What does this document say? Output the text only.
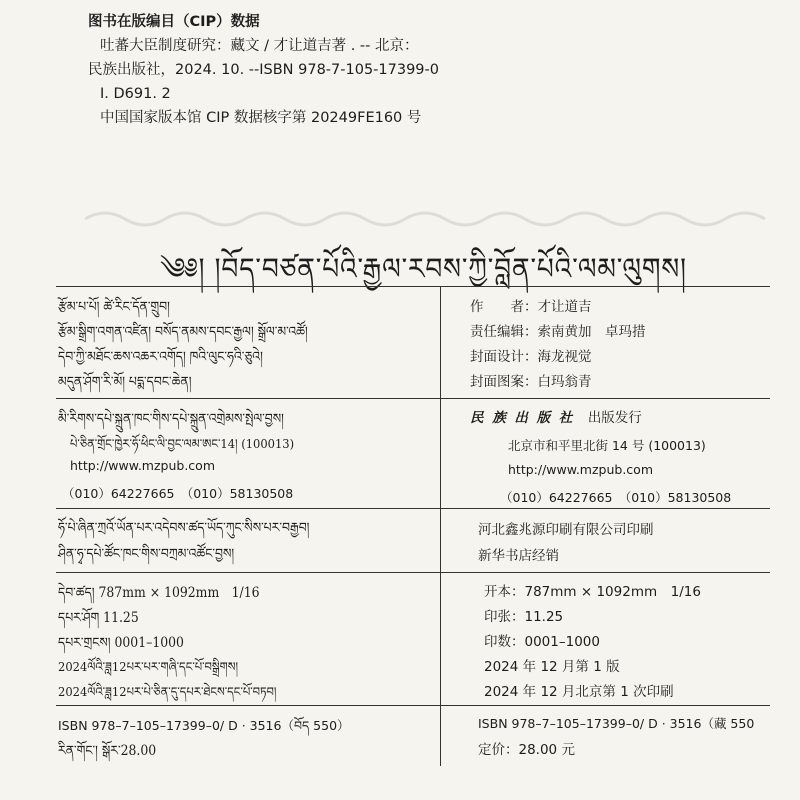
图书在版编目（CIP）数据
吐蕃大臣制度研究：藏文 / 才让道吉著 . -- 北京：
民族出版社，2024. 10. --ISBN 978-7-105-17399-0
Ⅰ. D691. 2
中国国家版本馆 CIP 数据核字第 20249FE160 号
༄༅། །བོད་བཙན་པོའི་རྒྱལ་རབས་ཀྱི་བློན་པོའི་ལམ་ལུགས།
རྩོམ་པ་པོ། ཚེ་རིང་དོན་གྲུབ།
རྩོམ་སྒྲིག་འགན་འཛིན། བསོད་ནམས་དབང་རྒྱལ། སྒྲོལ་མ་འཚོ།
དེབ་ཀྱི་མཐོང་ཆས་འཆར་འགོད། ཁའི་ལུང་ཧའི་ཅུའེ།
མདུན་ཤོག་རི་མོ། པདྨ་དབང་ཆེན།
作　　者：才让道吉
责任编辑：索南黄加　卓玛措
封面设计：海龙视觉
封面图案：白玛翁青
མི་རིགས་དཔེ་སྐྲུན་ཁང་གིས་དཔེ་སྐྲུན་འགྲེམས་སྤེལ་བྱས།
པེ་ཅིན་གྲོང་ཁྱེར་ཧོ་ཕིང་ལི་བྱང་ལམ་ཨང་14། (100013)
http://www.mzpub.com
（010）64227665　（010）58130508
民 族 出 版 社　 出版发行
北京市和平里北街 14 号 (100013)
http://www.mzpub.com
（010）64227665　（010）58130508
ཧོ་པེ་ཞིན་ཀྲའོ་ཡོན་པར་འདེབས་ཚད་ཡོད་ཀུང་སིས་པར་བརྒྱབ།
ཤིན་ཧྭ་དཔེ་ཚོང་ཁང་གིས་བཀྲམ་འཚོང་བྱས།
河北鑫兆源印刷有限公司印刷
新华书店经销
དེབ་ཚད། 787mm × 1092mm　1/16
དཔར་ཤོག 11.25
དཔར་གྲངས། 0001–1000
2024ལོའི་ཟླ12པར་པར་གཞི་དང་པོ་བསྒྲིགས།
2024ལོའི་ཟླ12པར་པེ་ཅིན་དུ་དཔར་ཐེངས་དང་པོ་བཏབ།
开本：787mm × 1092mm　1/16
印张：11.25
印数：0001–1000
2024 年 12 月第 1 版
2024 年 12 月北京第 1 次印刷
ISBN 978–7–105–17399–0/ D · 3516（བོད 550）
རིན་གོང་། སྒོར་28.00
ISBN 978–7–105–17399–0/ D · 3516（藏 550
定价：28.00 元
